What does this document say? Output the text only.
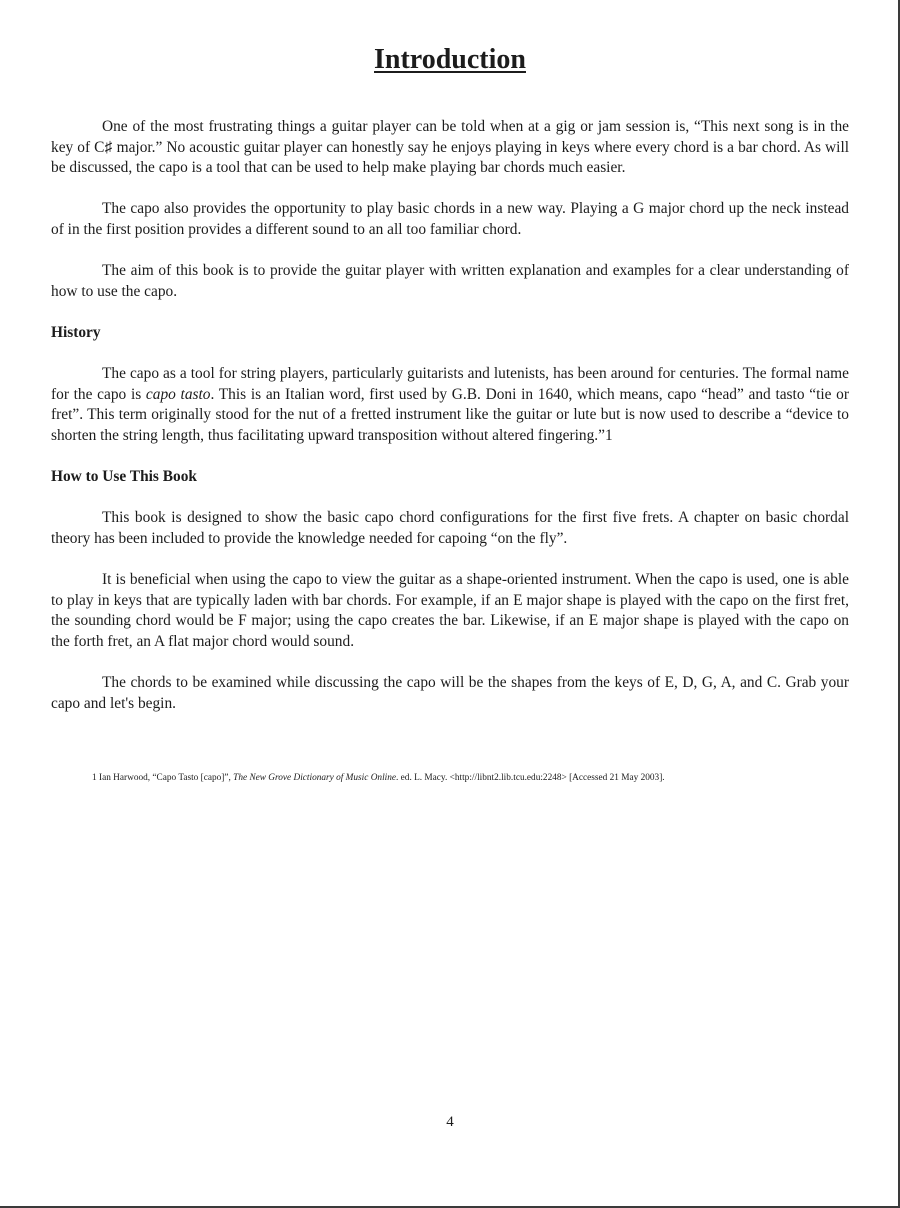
Introduction

One of the most frustrating things a guitar player can be told when at a gig or jam session is, “This next song is in the key of C♯ major.” No acoustic guitar player can honestly say he enjoys playing in keys where every chord is a bar chord. As will be discussed, the capo is a tool that can be used to help make playing bar chords much easier.

The capo also provides the opportunity to play basic chords in a new way. Playing a G major chord up the neck instead of in the first position provides a different sound to an all too familiar chord.

The aim of this book is to provide the guitar player with written explanation and examples for a clear understanding of how to use the capo.

History

The capo as a tool for string players, particularly guitarists and lutenists, has been around for centuries. The formal name for the capo is capo tasto. This is an Italian word, first used by G.B. Doni in 1640, which means, capo “head” and tasto “tie or fret”. This term originally stood for the nut of a fretted instrument like the guitar or lute but is now used to describe a “device to shorten the string length, thus facilitating upward transposition without altered fingering.”1

How to Use This Book

This book is designed to show the basic capo chord configurations for the first five frets. A chapter on basic chordal theory has been included to provide the knowledge needed for capoing “on the fly”.

It is beneficial when using the capo to view the guitar as a shape-oriented instrument. When the capo is used, one is able to play in keys that are typically laden with bar chords. For example, if an E major shape is played with the capo on the first fret, the sounding chord would be F major; using the capo creates the bar. Likewise, if an E major shape is played with the capo on the forth fret, an A flat major chord would sound.

The chords to be examined while discussing the capo will be the shapes from the keys of E, D, G, A, and C. Grab your capo and let's begin.

1 Ian Harwood, “Capo Tasto [capo]”, The New Grove Dictionary of Music Online. ed. L. Macy. <http://libnt2.lib.tcu.edu:2248> [Accessed 21 May 2003].
4
